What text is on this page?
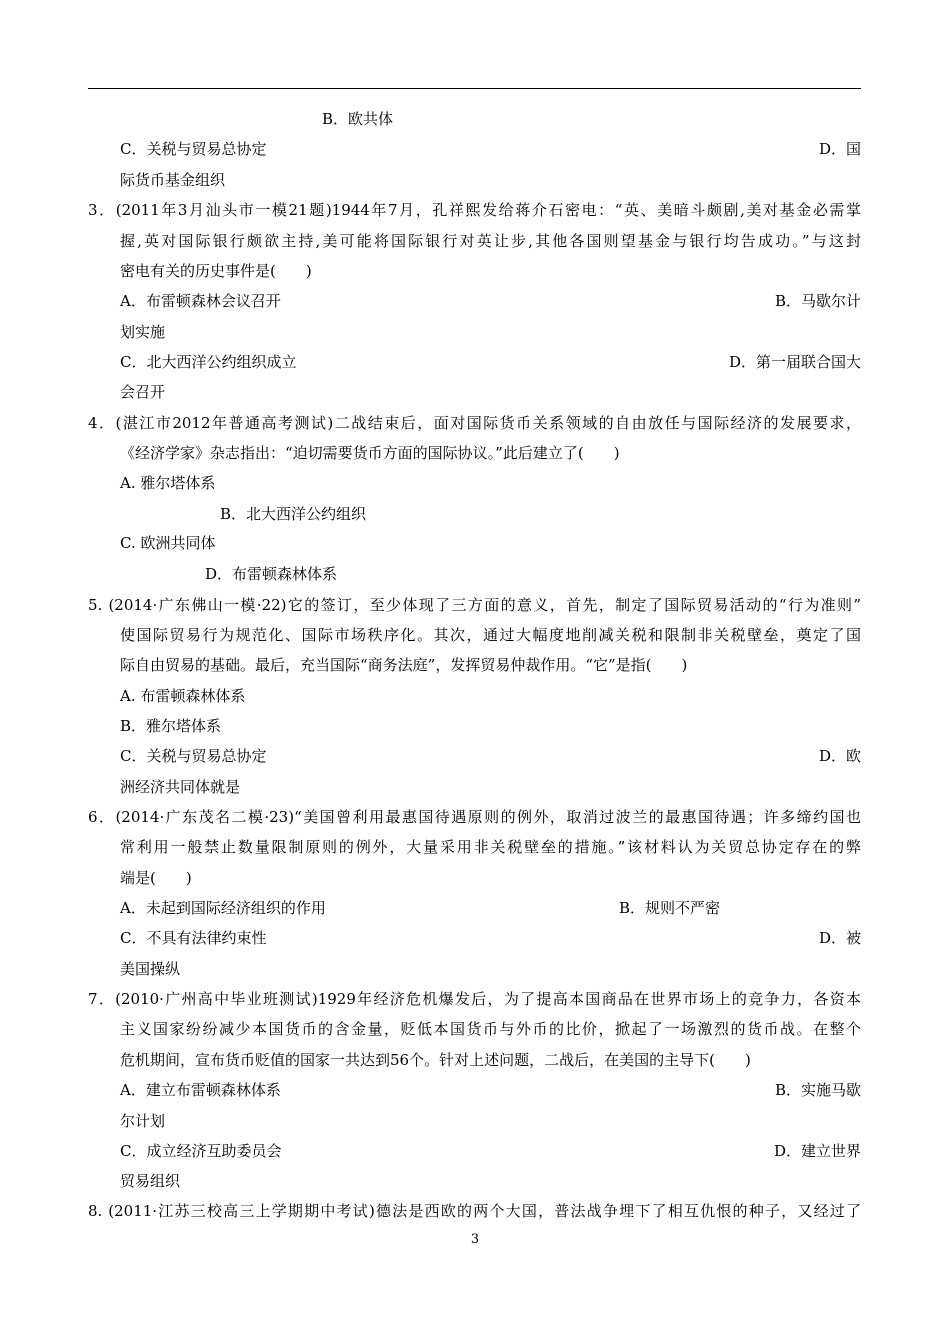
B．欧共体
C．关税与贸易总协定	D．国
际货币基金组织
3．(2011年3月汕头市一模21题)1944年7月，孔祥熙发给蒋介石密电：“英、美暗斗颇剧,美对基金必需掌
握,英对国际银行颇欲主持,美可能将国际银行对英让步,其他各国则望基金与银行均告成功。”与这封
密电有关的历史事件是(　　)
A．布雷顿森林会议召开	B．马歇尔计
划实施
C．北大西洋公约组织成立	D．第一届联合国大
会召开
4．(湛江市2012年普通高考测试)二战结束后，面对国际货币关系领域的自由放任与国际经济的发展要求，
《经济学家》杂志指出：“迫切需要货币方面的国际协议。”此后建立了(　　)
A. 雅尔塔体系
B．北大西洋公约组织
C. 欧洲共同体
D．布雷顿森林体系
5. (2014·广东佛山一模·22)它的签订，至少体现了三方面的意义，首先，制定了国际贸易活动的“行为准则”
使国际贸易行为规范化、国际市场秩序化。其次，通过大幅度地削减关税和限制非关税壁垒，奠定了国
际自由贸易的基础。最后，充当国际“商务法庭”，发挥贸易仲裁作用。“它”是指(　　)
A. 布雷顿森林体系
B．雅尔塔体系
C．关税与贸易总协定	D．欧
洲经济共同体就是
6．(2014·广东茂名二模·23)“美国曾利用最惠国待遇原则的例外，取消过波兰的最惠国待遇；许多缔约国也
常利用一般禁止数量限制原则的例外，大量采用非关税壁垒的措施。”该材料认为关贸总协定存在的弊
端是(　　)
A．未起到国际经济组织的作用	B．规则不严密
C．不具有法律约束性	D．被
美国操纵
7．(2010·广州高中毕业班测试)1929年经济危机爆发后，为了提高本国商品在世界市场上的竞争力，各资本
主义国家纷纷减少本国货币的含金量，贬低本国货币与外币的比价，掀起了一场激烈的货币战。在整个
危机期间，宣布货币贬值的国家一共达到56个。针对上述问题，二战后，在美国的主导下(　　)
A．建立布雷顿森林体系	B．实施马歇
尔计划
C．成立经济互助委员会	D．建立世界
贸易组织
8. (2011·江苏三校高三上学期期中考试)德法是西欧的两个大国，普法战争埋下了相互仇恨的种子，又经过了
3
